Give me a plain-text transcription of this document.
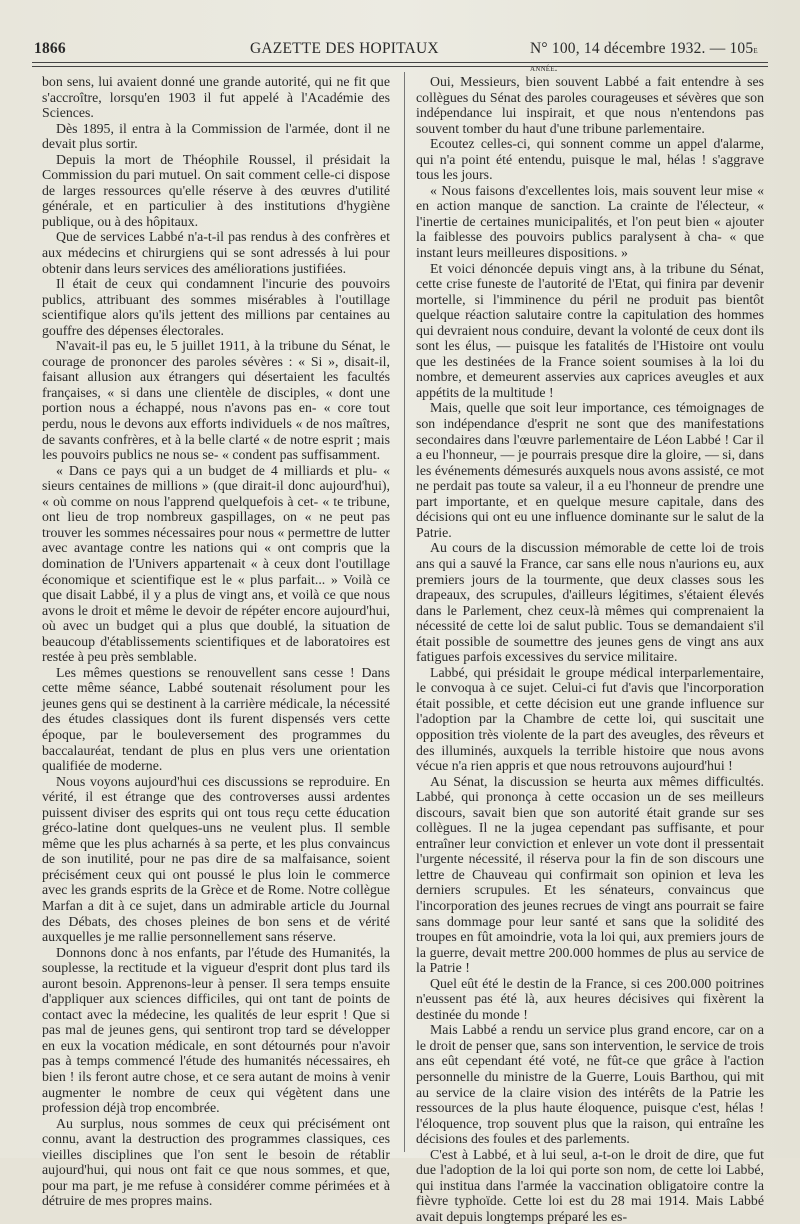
1866	GAZETTE DES HOPITAUX	N° 100, 14 décembre 1932. — 105e année.

bon sens, lui avaient donné une grande autorité, qui ne fit que s'accroître, lorsqu'en 1903 il fut appelé à l'Académie des Sciences.

Dès 1895, il entra à la Commission de l'armée, dont il ne devait plus sortir.

Depuis la mort de Théophile Roussel, il présidait la Commission du pari mutuel. On sait comment celle-ci dispose de larges ressources qu'elle réserve à des œuvres d'utilité générale, et en particulier à des institutions d'hygiène publique, ou à des hôpitaux.

Que de services Labbé n'a-t-il pas rendus à des confrères et aux médecins et chirurgiens qui se sont adressés à lui pour obtenir dans leurs services des améliorations justifiées.

Il était de ceux qui condamnent l'incurie des pouvoirs publics, attribuant des sommes misérables à l'outillage scientifique alors qu'ils jettent des millions par centaines au gouffre des dépenses électorales.

N'avait-il pas eu, le 5 juillet 1911, à la tribune du Sénat, le courage de prononcer des paroles sévères : « Si », disait-il, faisant allusion aux étrangers qui désertaient les facultés françaises, « si dans une clientèle de disciples, « dont une portion nous a échappé, nous n'avons pas en- « core tout perdu, nous le devons aux efforts individuels « de nos maîtres, de savants confrères, et à la belle clarté « de notre esprit ; mais les pouvoirs publics ne nous se- « condent pas suffisamment.

« Dans ce pays qui a un budget de 4 milliards et plu- « sieurs centaines de millions » (que dirait-il donc aujourd'hui), « où comme on nous l'apprend quelquefois à cet- « te tribune, ont lieu de trop nombreux gaspillages, on « ne peut pas trouver les sommes nécessaires pour nous « permettre de lutter avec avantage contre les nations qui « ont compris que la domination de l'Univers appartenait « à ceux dont l'outillage économique et scientifique est le « plus parfait... » Voilà ce que disait Labbé, il y a plus de vingt ans, et voilà ce que nous avons le droit et même le devoir de répéter encore aujourd'hui, où avec un budget qui a plus que doublé, la situation de beaucoup d'établissements scientifiques et de laboratoires est restée à peu près semblable.

Les mêmes questions se renouvellent sans cesse ! Dans cette même séance, Labbé soutenait résolument pour les jeunes gens qui se destinent à la carrière médicale, la nécessité des études classiques dont ils furent dispensés vers cette époque, par le bouleversement des programmes du baccalauréat, tendant de plus en plus vers une orientation qualifiée de moderne.

Nous voyons aujourd'hui ces discussions se reproduire. En vérité, il est étrange que des controverses aussi ardentes puissent diviser des esprits qui ont tous reçu cette éducation gréco-latine dont quelques-uns ne veulent plus. Il semble même que les plus acharnés à sa perte, et les plus convaincus de son inutilité, pour ne pas dire de sa malfaisance, soient précisément ceux qui ont poussé le plus loin le commerce avec les grands esprits de la Grèce et de Rome. Notre collègue Marfan a dit à ce sujet, dans un admirable article du Journal des Débats, des choses pleines de bon sens et de vérité auxquelles je me rallie personnellement sans réserve.

Donnons donc à nos enfants, par l'étude des Humanités, la souplesse, la rectitude et la vigueur d'esprit dont plus tard ils auront besoin. Apprenons-leur à penser. Il sera temps ensuite d'appliquer aux sciences difficiles, qui ont tant de points de contact avec la médecine, les qualités de leur esprit ! Que si pas mal de jeunes gens, qui sentiront trop tard se développer en eux la vocation médicale, en sont détournés pour n'avoir pas à temps commencé l'étude des humanités nécessaires, eh bien ! ils feront autre chose, et ce sera autant de moins à venir augmenter le nombre de ceux qui végètent dans une profession déjà trop encombrée.

Au surplus, nous sommes de ceux qui précisément ont connu, avant la destruction des programmes classiques, ces vieilles disciplines que l'on sent le besoin de rétablir aujourd'hui, qui nous ont fait ce que nous sommes, et que, pour ma part, je me refuse à considérer comme périmées et à détruire de mes propres mains.

Oui, Messieurs, bien souvent Labbé a fait entendre à ses collègues du Sénat des paroles courageuses et sévères que son indépendance lui inspirait, et que nous n'entendons pas souvent tomber du haut d'une tribune parlementaire.

Ecoutez celles-ci, qui sonnent comme un appel d'alarme, qui n'a point été entendu, puisque le mal, hélas ! s'aggrave tous les jours.

« Nous faisons d'excellentes lois, mais souvent leur mise « en action manque de sanction. La crainte de l'électeur, « l'inertie de certaines municipalités, et l'on peut bien « ajouter la faiblesse des pouvoirs publics paralysent à cha- « que instant leurs meilleures dispositions. »

Et voici dénoncée depuis vingt ans, à la tribune du Sénat, cette crise funeste de l'autorité de l'Etat, qui finira par devenir mortelle, si l'imminence du péril ne produit pas bientôt quelque réaction salutaire contre la capitulation des hommes qui devraient nous conduire, devant la volonté de ceux dont ils sont les élus, — puisque les fatalités de l'Histoire ont voulu que les destinées de la France soient soumises à la loi du nombre, et demeurent asservies aux caprices aveugles et aux appétits de la multitude !

Mais, quelle que soit leur importance, ces témoignages de son indépendance d'esprit ne sont que des manifestations secondaires dans l'œuvre parlementaire de Léon Labbé ! Car il a eu l'honneur, — je pourrais presque dire la gloire, — si, dans les événements démesurés auxquels nous avons assisté, ce mot ne perdait pas toute sa valeur, il a eu l'honneur de prendre une part importante, et en quelque mesure capitale, dans des décisions qui ont eu une influence dominante sur le salut de la Patrie.

Au cours de la discussion mémorable de cette loi de trois ans qui a sauvé la France, car sans elle nous n'aurions eu, aux premiers jours de la tourmente, que deux classes sous les drapeaux, des scrupules, d'ailleurs légitimes, s'étaient élevés dans le Parlement, chez ceux-là mêmes qui comprenaient la nécessité de cette loi de salut public. Tous se demandaient s'il était possible de soumettre des jeunes gens de vingt ans aux fatigues parfois excessives du service militaire.

Labbé, qui présidait le groupe médical interparlementaire, le convoqua à ce sujet. Celui-ci fut d'avis que l'incorporation était possible, et cette décision eut une grande influence sur l'adoption par la Chambre de cette loi, qui suscitait une opposition très violente de la part des aveugles, des rêveurs et des illuminés, auxquels la terrible histoire que nous avons vécue n'a rien appris et que nous retrouvons aujourd'hui !

Au Sénat, la discussion se heurta aux mêmes difficultés. Labbé, qui prononça à cette occasion un de ses meilleurs discours, savait bien que son autorité était grande sur ses collègues. Il ne la jugea cependant pas suffisante, et pour entraîner leur conviction et enlever un vote dont il pressentait l'urgente nécessité, il réserva pour la fin de son discours une lettre de Chauveau qui confirmait son opinion et leva les derniers scrupules. Et les sénateurs, convaincus que l'incorporation des jeunes recrues de vingt ans pourrait se faire sans dommage pour leur santé et sans que la solidité des troupes en fût amoindrie, vota la loi qui, aux premiers jours de la guerre, devait mettre 200.000 hommes de plus au service de la Patrie !

Quel eût été le destin de la France, si ces 200.000 poitrines n'eussent pas été là, aux heures décisives qui fixèrent la destinée du monde !

Mais Labbé a rendu un service plus grand encore, car on a le droit de penser que, sans son intervention, le service de trois ans eût cependant été voté, ne fût-ce que grâce à l'action personnelle du ministre de la Guerre, Louis Barthou, qui mit au service de la claire vision des intérêts de la Patrie les ressources de la plus haute éloquence, puisque c'est, hélas ! l'éloquence, trop souvent plus que la raison, qui entraîne les décisions des foules et des parlements.

C'est à Labbé, et à lui seul, a-t-on le droit de dire, que fut due l'adoption de la loi qui porte son nom, de cette loi Labbé, qui institua dans l'armée la vaccination obligatoire contre la fièvre typhoïde. Cette loi est du 28 mai 1914. Mais Labbé avait depuis longtemps préparé les es-
